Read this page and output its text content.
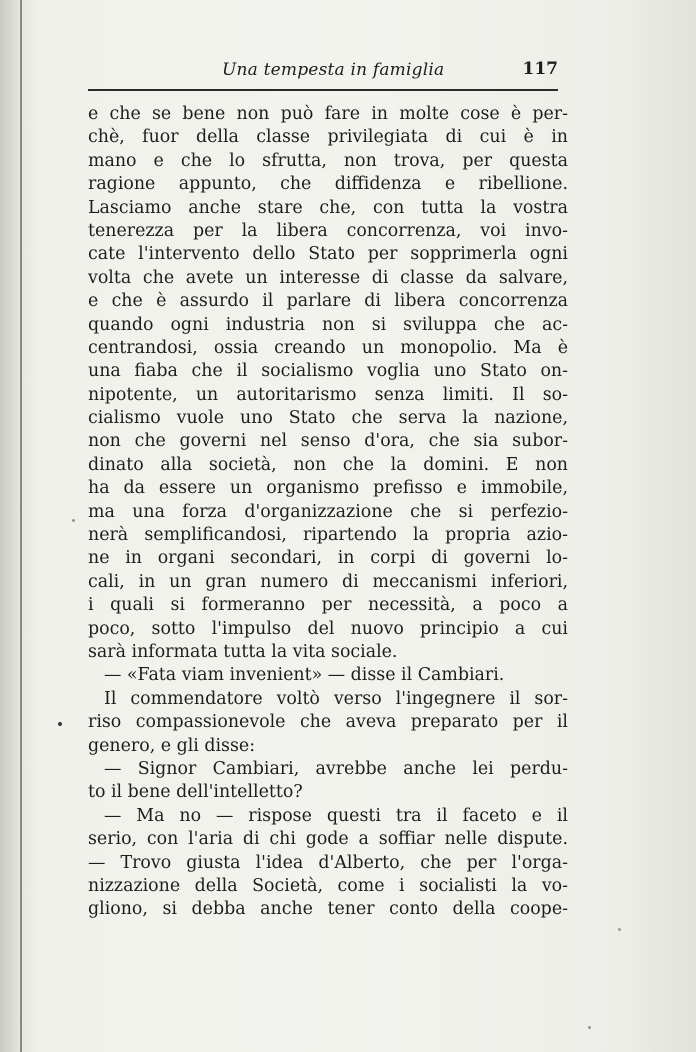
Una tempesta in famiglia	117
e che se bene non può fare in molte cose è per-
chè, fuor della classe privilegiata di cui è in
mano e che lo sfrutta, non trova, per questa
ragione appunto, che diffidenza e ribellione.
Lasciamo anche stare che, con tutta la vostra
tenerezza per la libera concorrenza, voi invo-
cate l'intervento dello Stato per sopprimerla ogni
volta che avete un interesse di classe da salvare,
e che è assurdo il parlare di libera concorrenza
quando ogni industria non si sviluppa che ac-
centrandosi, ossia creando un monopolio. Ma è
una fiaba che il socialismo voglia uno Stato on-
nipotente, un autoritarismo senza limiti. Il so-
cialismo vuole uno Stato che serva la nazione,
non che governi nel senso d'ora, che sia subor-
dinato alla società, non che la domini. E non
ha da essere un organismo prefisso e immobile,
ma una forza d'organizzazione che si perfezio-
nerà semplificandosi, ripartendo la propria azio-
ne in organi secondari, in corpi di governi lo-
cali, in un gran numero di meccanismi inferiori,
i quali si formeranno per necessità, a poco a
poco, sotto l'impulso del nuovo principio a cui
sarà informata tutta la vita sociale.
— «Fata viam invenient» — disse il Cambiari.
Il commendatore voltò verso l'ingegnere il sor-
riso compassionevole che aveva preparato per il
genero, e gli disse:
— Signor Cambiari, avrebbe anche lei perdu-
to il bene dell'intelletto?
— Ma no — rispose questi tra il faceto e il
serio, con l'aria di chi gode a soffiar nelle dispute.
— Trovo giusta l'idea d'Alberto, che per l'orga-
nizzazione della Società, come i socialisti la vo-
gliono, si debba anche tener conto della coope-
